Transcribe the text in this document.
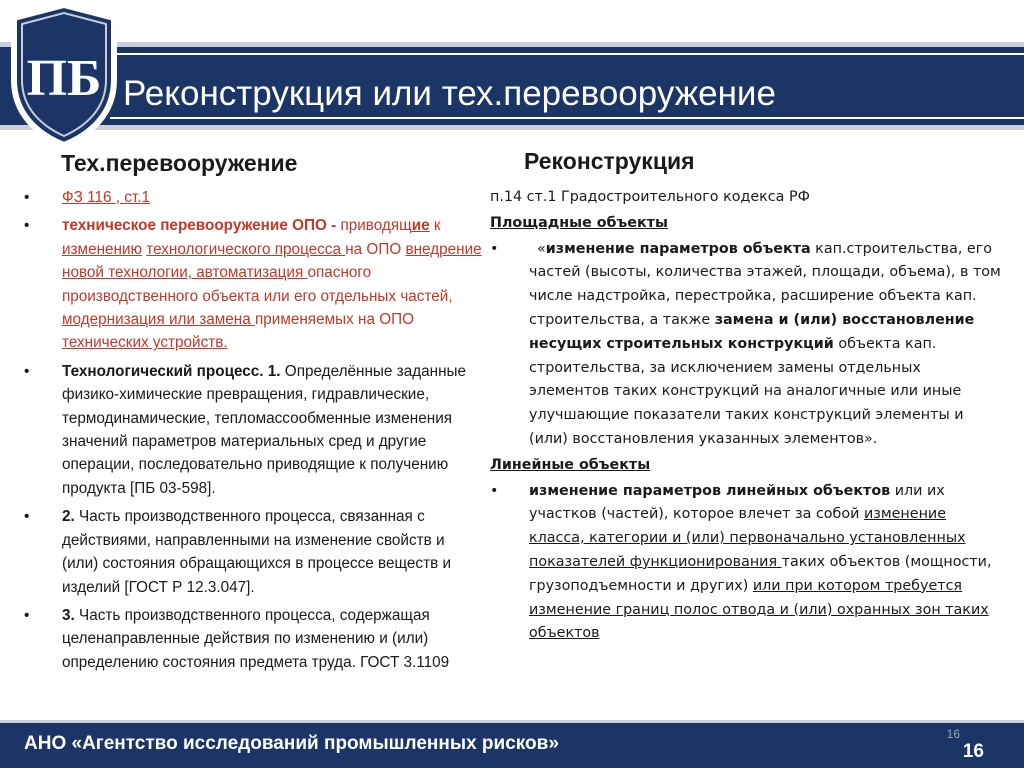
ПБ Реконструкция или тех.перевооружение
Тех.перевооружение	Реконструкция
• ФЗ 116 , ст.1
• техническое перевооружение ОПО - приводящие к изменению технологического процесса на ОПО внедрение новой технологии, автоматизация опасного производственного объекта или его отдельных частей, модернизация или замена применяемых на ОПО технических устройств.
• Технологический процесс. 1. Определённые заданные физико-химические превращения, гидравлические, термодинамические, тепломассообменные изменения значений параметров материальных сред и другие операции, последовательно приводящие к получению продукта [ПБ 03-598].
• 2. Часть производственного процесса, связанная с действиями, направленными на изменение свойств и (или) состояния обращающихся в процессе веществ и изделий [ГОСТ Р 12.3.047].
• 3. Часть производственного процесса, содержащая целенаправленные действия по изменению и (или) определению состояния предмета труда. ГОСТ 3.1109
п.14 ст.1 Градостроительного кодекса РФ
Площадные объекты
•	«изменение параметров объекта кап.строительства, его частей (высоты, количества этажей, площади, объема), в том числе надстройка, перестройка, расширение объекта кап. строительства, а также замена и (или) восстановление несущих строительных конструкций объекта кап. строительства, за исключением замены отдельных элементов таких конструкций на аналогичные или иные улучшающие показатели таких конструкций элементы и (или) восстановления указанных элементов».
Линейные объекты
• изменение параметров линейных объектов или их участков (частей), которое влечет за собой изменение класса, категории и (или) первоначально установленных показателей функционирования таких объектов (мощности, грузоподъемности и других) или при котором требуется изменение границ полос отвода и (или) охранных зон таких объектов
АНО «Агентство исследований промышленных рисков»	16
16
